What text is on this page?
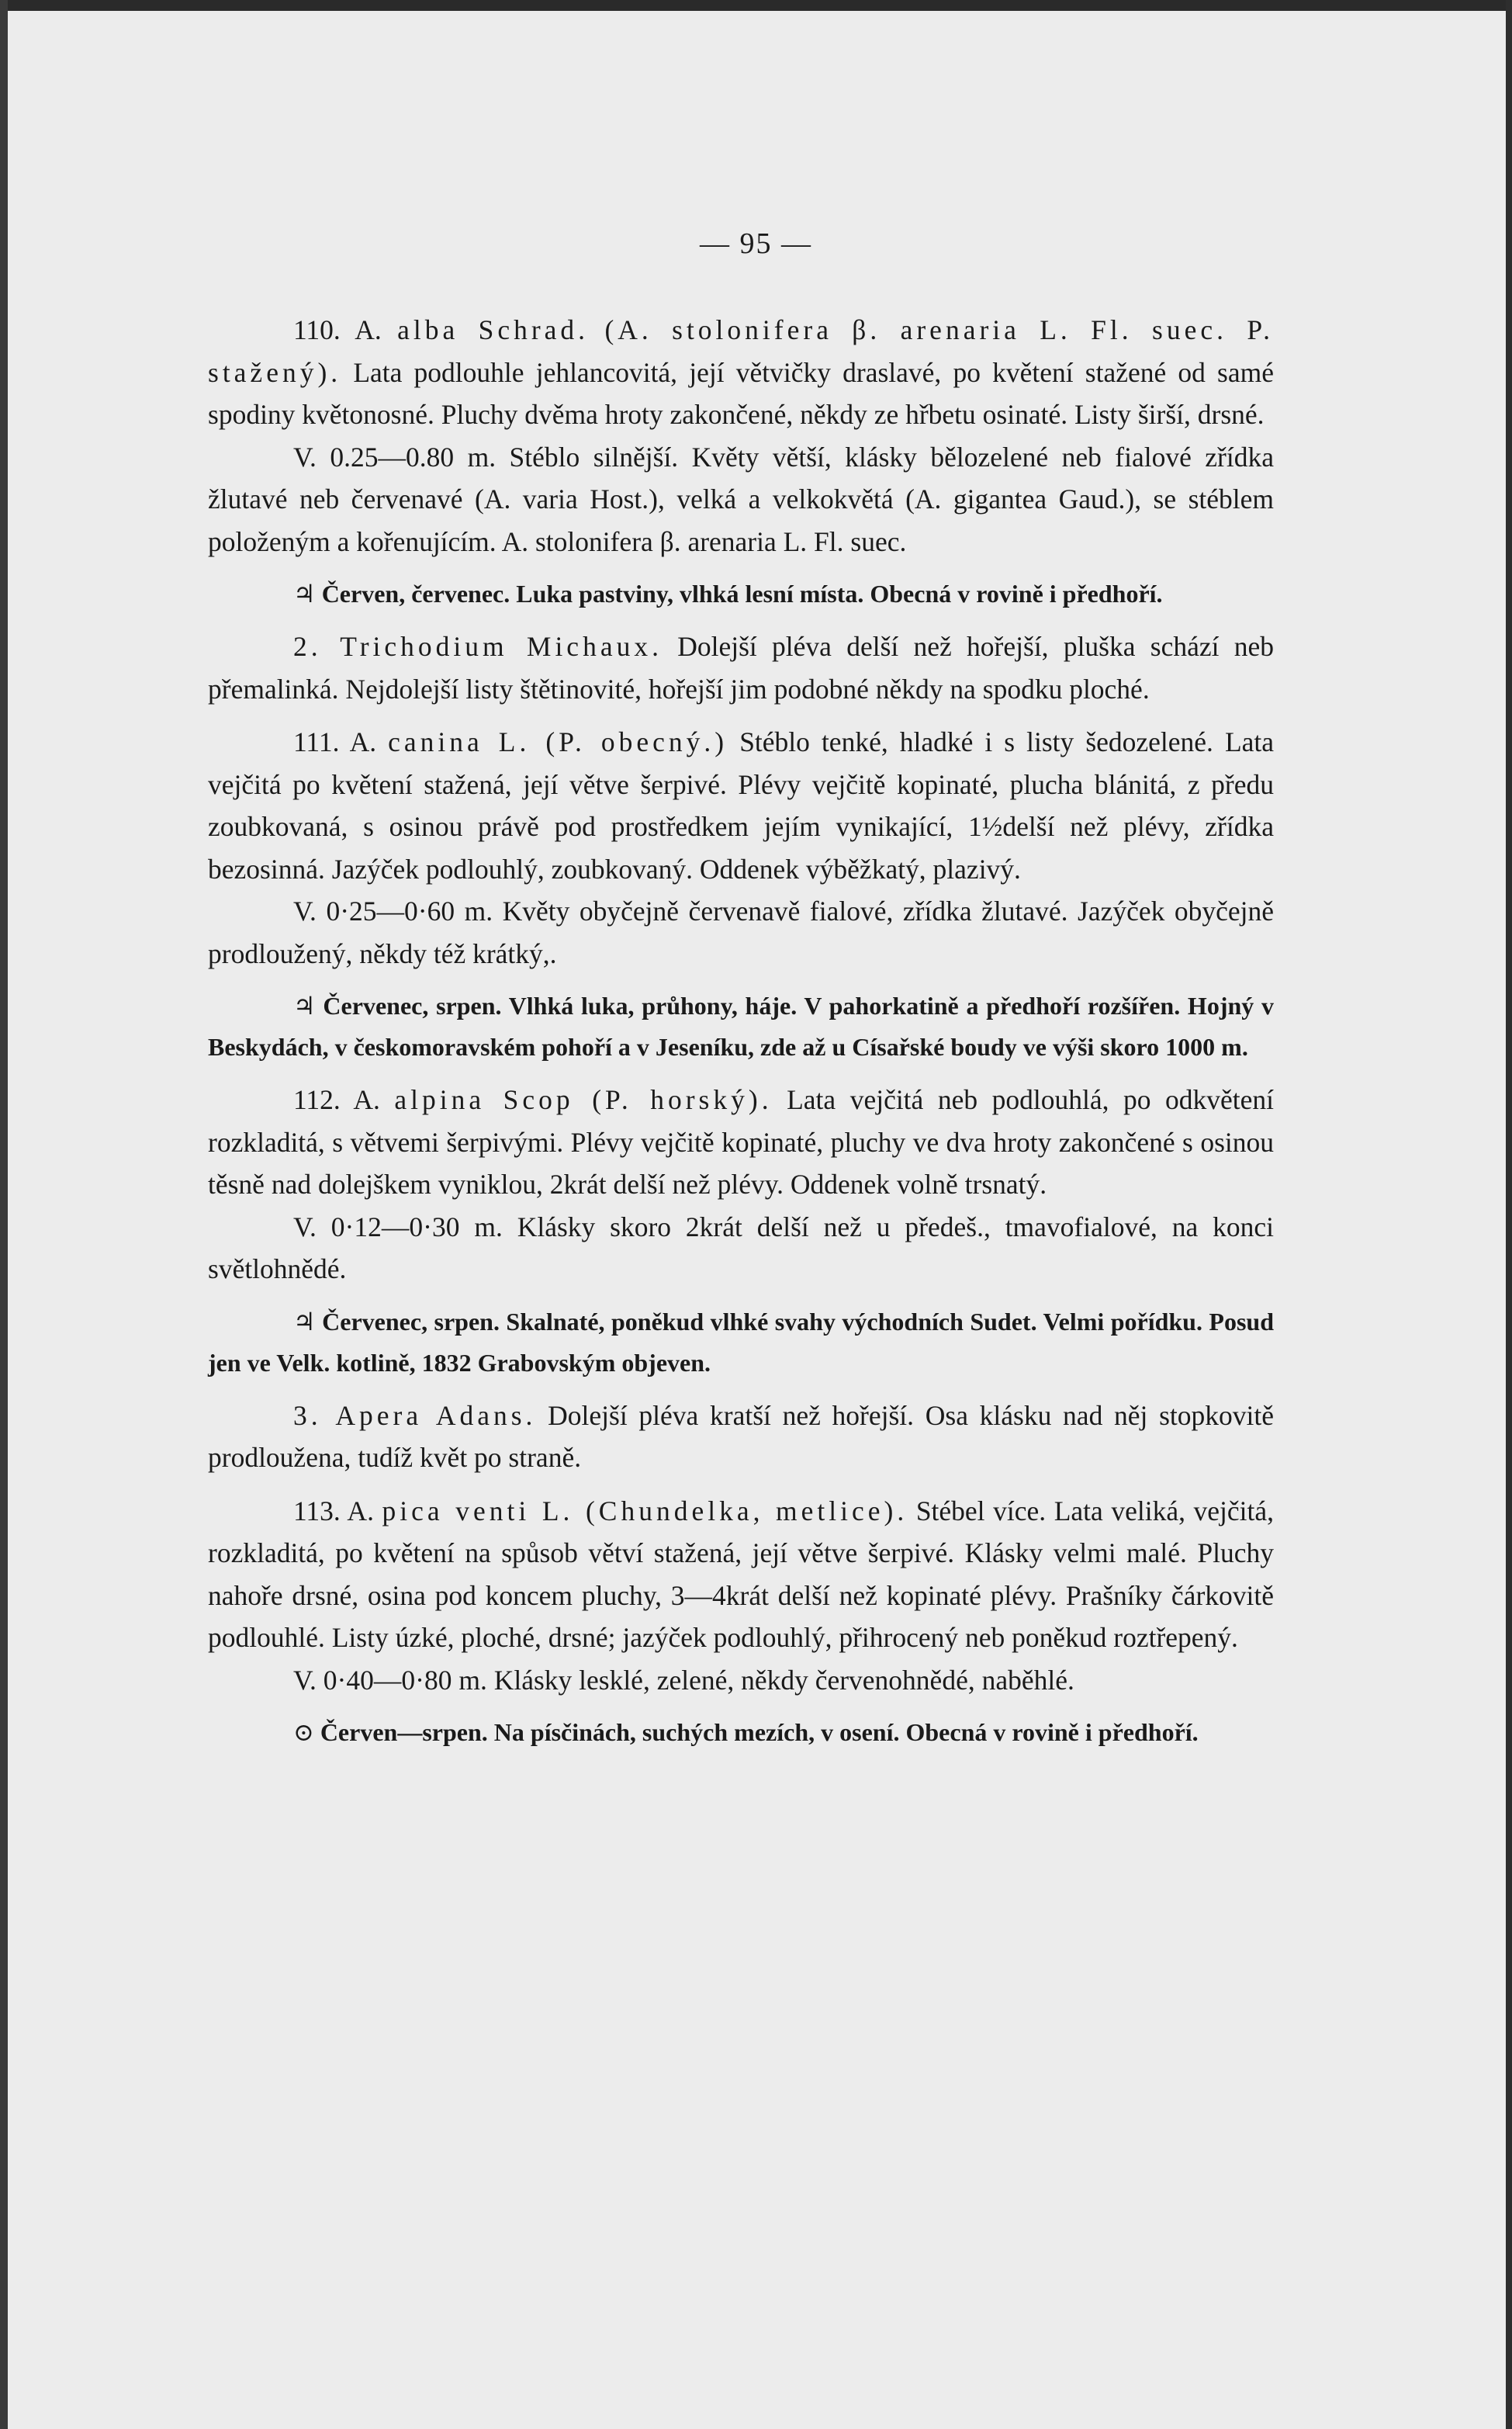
— 95 —

110. A. alba Schrad. (A. stolonifera β. arenaria L. Fl. suec. P. stažený). Lata podlouhle jehlancovitá, její větvičky draslavé, po květení stažené od samé spodiny květonosné. Pluchy dvěma hroty zakončené, někdy ze hřbetu osinaté. Listy širší, drsné.

V. 0.25—0.80 m. Stéblo silnější. Květy větší, klásky bělozelené neb fialové zřídka žlutavé neb červenavé (A. varia Host.), velká a velkokvětá (A. gigantea Gaud.), se stéblem položeným a kořenujícím. A. stolonifera β. arenaria L. Fl. suec.

♃ Červen, červenec. Luka pastviny, vlhká lesní místa. Obecná v rovině i předhoří.

2. Trichodium Michaux. Dolejší pléva delší než hořejší, pluška schází neb přemalinká. Nejdolejší listy štětinovité, hořejší jim podobné někdy na spodku ploché.

111. A. canina L. (P. obecný.) Stéblo tenké, hladké i s listy šedozelené. Lata vejčitá po květení stažená, její větve šerpivé. Plévy vejčitě kopinaté, plucha blánitá, z předu zoubkovaná, s osinou právě pod prostředkem jejím vynikající, 1½delší než plévy, zřídka bezosinná. Jazýček podlouhlý, zoubkovaný. Oddenek výběžkatý, plazivý.

V. 0·25—0·60 m. Květy obyčejně červenavě fialové, zřídka žlutavé. Jazýček obyčejně prodloužený, někdy též krátký,.

♃ Červenec, srpen. Vlhká luka, průhony, háje. V pahorkatině a předhoří rozšířen. Hojný v Beskydách, v českomoravském pohoří a v Jeseníku, zde až u Císařské boudy ve výši skoro 1000 m.

112. A. alpina Scop (P. horský). Lata vejčitá neb podlouhlá, po odkvětení rozkladitá, s větvemi šerpivými. Plévy vejčitě kopinaté, pluchy ve dva hroty zakončené s osinou těsně nad dolejškem vyniklou, 2krát delší než plévy. Oddenek volně trsnatý.

V. 0·12—0·30 m. Klásky skoro 2krát delší než u předeš., tmavofialové, na konci světlohnědé.

♃ Červenec, srpen. Skalnaté, poněkud vlhké svahy východních Sudet. Velmi pořídku. Posud jen ve Velk. kotlině, 1832 Grabovským objeven.

3. Apera Adans. Dolejší pléva kratší než hořejší. Osa klásku nad něj stopkovitě prodloužena, tudíž květ po straně.

113. A. pica venti L. (Chundelka, metlice). Stébel více. Lata veliká, vejčitá, rozkladitá, po květení na spůsob větví stažená, její větve šerpivé. Klásky velmi malé. Pluchy nahoře drsné, osina pod koncem pluchy, 3—4krát delší než kopinaté plévy. Prašníky čárkovitě podlouhlé. Listy úzké, ploché, drsné; jazýček podlouhlý, přihrocený neb poněkud roztřepený.

V. 0·40—0·80 m. Klásky lesklé, zelené, někdy červenohnědé, naběhlé.

⊙ Červen—srpen. Na písčinách, suchých mezích, v osení. Obecná v rovině i předhoří.
